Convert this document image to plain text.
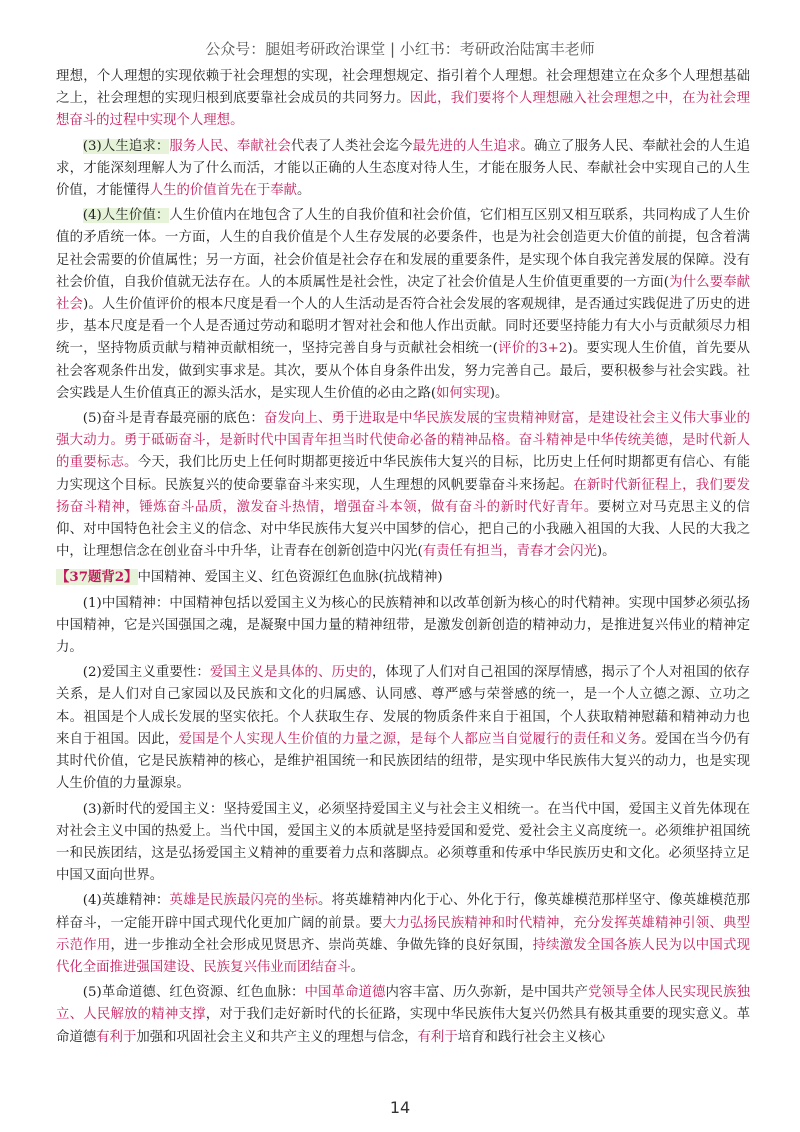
公众号：腿姐考研政治课堂 | 小红书：考研政治陆寓丰老师

理想，个人理想的实现依赖于社会理想的实现，社会理想规定、指引着个人理想。社会理想建立在众多个人理想基础之上，社会理想的实现归根到底要靠社会成员的共同努力。因此，我们要将个人理想融入社会理想之中，在为社会理想奋斗的过程中实现个人理想。

(3)人生追求：服务人民、奉献社会代表了人类社会迄今最先进的人生追求。确立了服务人民、奉献社会的人生追求，才能深刻理解人为了什么而活，才能以正确的人生态度对待人生，才能在服务人民、奉献社会中实现自己的人生价值，才能懂得人生的价值首先在于奉献。

(4)人生价值：人生价值内在地包含了人生的自我价值和社会价值，它们相互区别又相互联系，共同构成了人生价值的矛盾统一体。一方面，人生的自我价值是个人生存发展的必要条件，也是为社会创造更大价值的前提，包含着满足社会需要的价值属性；另一方面，社会价值是社会存在和发展的重要条件，是实现个体自我完善发展的保障。没有社会价值，自我价值就无法存在。人的本质属性是社会性，决定了社会价值是人生价值更重要的一方面(为什么要奉献社会)。人生价值评价的根本尺度是看一个人的人生活动是否符合社会发展的客观规律，是否通过实践促进了历史的进步，基本尺度是看一个人是否通过劳动和聪明才智对社会和他人作出贡献。同时还要坚持能力有大小与贡献须尽力相统一，坚持物质贡献与精神贡献相统一，坚持完善自身与贡献社会相统一(评价的3+2)。要实现人生价值，首先要从社会客观条件出发，做到实事求是。其次，要从个体自身条件出发，努力完善自己。最后，要积极参与社会实践。社会实践是人生价值真正的源头活水，是实现人生价值的必由之路(如何实现)。

(5)奋斗是青春最亮丽的底色：奋发向上、勇于进取是中华民族发展的宝贵精神财富，是建设社会主义伟大事业的强大动力。勇于砥砺奋斗，是新时代中国青年担当时代使命必备的精神品格。奋斗精神是中华传统美德，是时代新人的重要标志。今天，我们比历史上任何时期都更接近中华民族伟大复兴的目标，比历史上任何时期都更有信心、有能力实现这个目标。民族复兴的使命要靠奋斗来实现，人生理想的风帆要靠奋斗来扬起。在新时代新征程上，我们要发扬奋斗精神，锤炼奋斗品质，激发奋斗热情，增强奋斗本领，做有奋斗的新时代好青年。要树立对马克思主义的信仰、对中国特色社会主义的信念、对中华民族伟大复兴中国梦的信心，把自己的小我融入祖国的大我、人民的大我之中，让理想信念在创业奋斗中升华，让青春在创新创造中闪光(有责任有担当，青春才会闪光)。

【37题背2】中国精神、爱国主义、红色资源红色血脉(抗战精神)

(1)中国精神：中国精神包括以爱国主义为核心的民族精神和以改革创新为核心的时代精神。实现中国梦必须弘扬中国精神，它是兴国强国之魂，是凝聚中国力量的精神纽带，是激发创新创造的精神动力，是推进复兴伟业的精神定力。

(2)爱国主义重要性：爱国主义是具体的、历史的，体现了人们对自己祖国的深厚情感，揭示了个人对祖国的依存关系，是人们对自己家园以及民族和文化的归属感、认同感、尊严感与荣誉感的统一，是一个人立德之源、立功之本。祖国是个人成长发展的坚实依托。个人获取生存、发展的物质条件来自于祖国，个人获取精神慰藉和精神动力也来自于祖国。因此，爱国是个人实现人生价值的力量之源，是每个人都应当自觉履行的责任和义务。爱国在当今仍有其时代价值，它是民族精神的核心，是维护祖国统一和民族团结的纽带，是实现中华民族伟大复兴的动力，也是实现人生价值的力量源泉。

(3)新时代的爱国主义：坚持爱国主义，必须坚持爱国主义与社会主义相统一。在当代中国，爱国主义首先体现在对社会主义中国的热爱上。当代中国，爱国主义的本质就是坚持爱国和爱党、爱社会主义高度统一。必须维护祖国统一和民族团结，这是弘扬爱国主义精神的重要着力点和落脚点。必须尊重和传承中华民族历史和文化。必须坚持立足中国又面向世界。

(4)英雄精神：英雄是民族最闪亮的坐标。将英雄精神内化于心、外化于行，像英雄模范那样坚守、像英雄模范那样奋斗，一定能开辟中国式现代化更加广阔的前景。要大力弘扬民族精神和时代精神，充分发挥英雄精神引领、典型示范作用，进一步推动全社会形成见贤思齐、崇尚英雄、争做先锋的良好氛围，持续激发全国各族人民为以中国式现代化全面推进强国建设、民族复兴伟业而团结奋斗。

(5)革命道德、红色资源、红色血脉：中国革命道德内容丰富、历久弥新，是中国共产党领导全体人民实现民族独立、人民解放的精神支撑，对于我们走好新时代的长征路，实现中华民族伟大复兴仍然具有极其重要的现实意义。革命道德有利于加强和巩固社会主义和共产主义的理想与信念，有利于培育和践行社会主义核心

14
